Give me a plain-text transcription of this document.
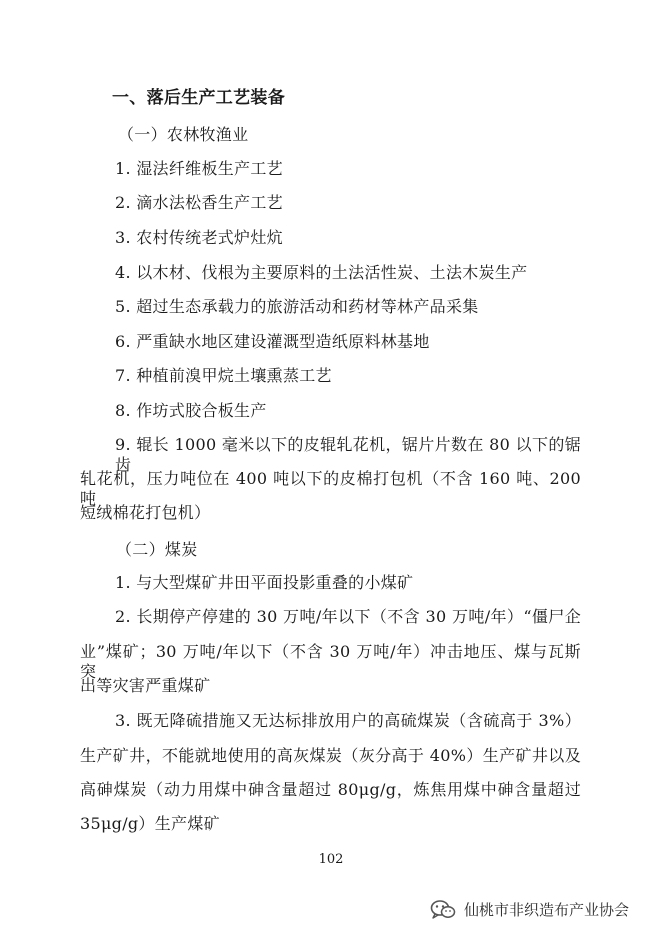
一、落后生产工艺装备
（一）农林牧渔业
1. 湿法纤维板生产工艺
2. 滴水法松香生产工艺
3. 农村传统老式炉灶炕
4. 以木材、伐根为主要原料的土法活性炭、土法木炭生产
5. 超过生态承载力的旅游活动和药材等林产品采集
6. 严重缺水地区建设灌溉型造纸原料林基地
7. 种植前溴甲烷土壤熏蒸工艺
8. 作坊式胶合板生产
9. 辊长 1000 毫米以下的皮辊轧花机，锯片片数在 80 以下的锯齿
轧花机，压力吨位在 400 吨以下的皮棉打包机（不含 160 吨、200 吨
短绒棉花打包机）
（二）煤炭
1. 与大型煤矿井田平面投影重叠的小煤矿
2. 长期停产停建的 30 万吨/年以下（不含 30 万吨/年）“僵尸企
业”煤矿；30 万吨/年以下（不含 30 万吨/年）冲击地压、煤与瓦斯突
出等灾害严重煤矿
3. 既无降硫措施又无达标排放用户的高硫煤炭（含硫高于 3%）
生产矿井，不能就地使用的高灰煤炭（灰分高于 40%）生产矿井以及
高砷煤炭（动力用煤中砷含量超过 80μg/g，炼焦用煤中砷含量超过
35μg/g）生产煤矿
102
仙桃市非织造布产业协会
